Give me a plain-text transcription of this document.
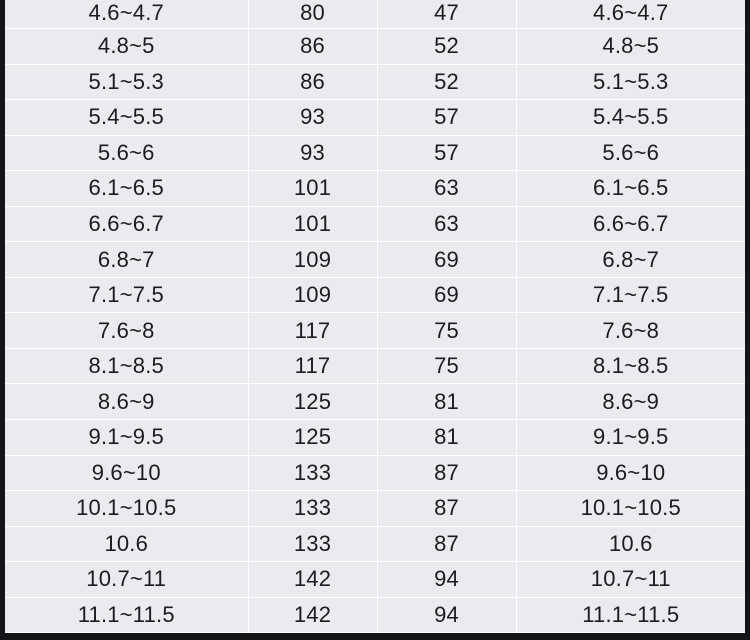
4.6~4.7	80	47	4.6~4.7
4.8~5	86	52	4.8~5
5.1~5.3	86	52	5.1~5.3
5.4~5.5	93	57	5.4~5.5
5.6~6	93	57	5.6~6
6.1~6.5	101	63	6.1~6.5
6.6~6.7	101	63	6.6~6.7
6.8~7	109	69	6.8~7
7.1~7.5	109	69	7.1~7.5
7.6~8	117	75	7.6~8
8.1~8.5	117	75	8.1~8.5
8.6~9	125	81	8.6~9
9.1~9.5	125	81	9.1~9.5
9.6~10	133	87	9.6~10
10.1~10.5	133	87	10.1~10.5
10.6	133	87	10.6
10.7~11	142	94	10.7~11
11.1~11.5	142	94	11.1~11.5
